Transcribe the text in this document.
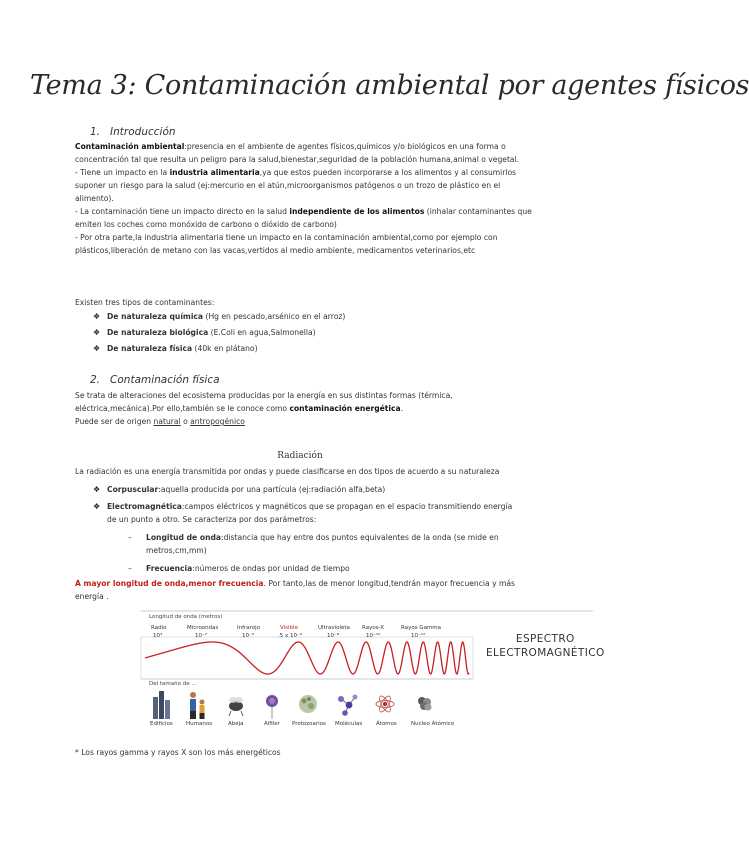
Tema 3: Contaminación ambiental por agentes físicos
1. Introducción
Contaminación ambiental:presencia en el ambiente de agentes físicos,químicos y/o biológicos en una forma o
concentración tal que resulta un peligro para la salud,bienestar,seguridad de la población humana,animal o vegetal.
- Tiene un impacto en la industria alimentaria,ya que estos pueden incorporarse a los alimentos y al consumirlos
suponer un riesgo para la salud (ej:mercurio en el atún,microorganismos patógenos o un trozo de plástico en el
alimento).
- La contaminación tiene un impacto directo en la salud independiente de los alimentos (inhalar contaminantes que
emiten los coches como monóxido de carbono o dióxido de carbono)
- Por otra parte,la industria alimentaria tiene un impacto en la contaminación ambiental,como por ejemplo con
plásticos,liberación de metano con las vacas,vertidos al medio ambiente, medicamentos veterinarios,etc
Existen tres tipos de contaminantes:
❖ De naturaleza química (Hg en pescado,arsénico en el arroz)
❖ De naturaleza biológica (E.Coli en agua,Salmonella)
❖ De naturaleza física (40k en plátano)
2. Contaminación física
Se trata de alteraciones del ecosistema producidas por la energía en sus distintas formas (térmica,
eléctrica,mecánica).Por ello,también se le conoce como contaminación energética.
Puede ser de origen natural o antropogénico
Radiación
La radiación es una energía transmitida por ondas y puede clasificarse en dos tipos de acuerdo a su naturaleza
❖ Corpuscular:aquella producida por una partícula (ej:radiación alfa,beta)
❖ Electromagnética:campos eléctricos y magnéticos que se propagan en el espacio transmitiendo energía
de un punto a otro. Se caracteriza por dos parámetros:
– Longitud de onda:distancia que hay entre dos puntos equivalentes de la onda (se mide en
metros,cm,mm)
– Frecuencia:números de ondas por unidad de tiempo
A mayor longitud de onda,menor frecuencia. Por tanto,las de menor longitud,tendrán mayor frecuencia y más
energía .
Longitud de onda (metros)
Radio
10³
Microondas
10⁻²
Infrarojo
10⁻⁵
Visible
.5 x 10⁻⁶
Ultravioleta
10⁻⁸
Rayos-X
10⁻¹⁰
Rayos Gamma
10⁻¹²	ESPECTRO
ELECTROMAGNÉTICO
Del tamaño de ...
Edificios Humanos	Abeja	Alfiler Protozoarios Moléculas Átomos	Nucleo Atómico
* Los rayos gamma y rayos X son los más energéticos
